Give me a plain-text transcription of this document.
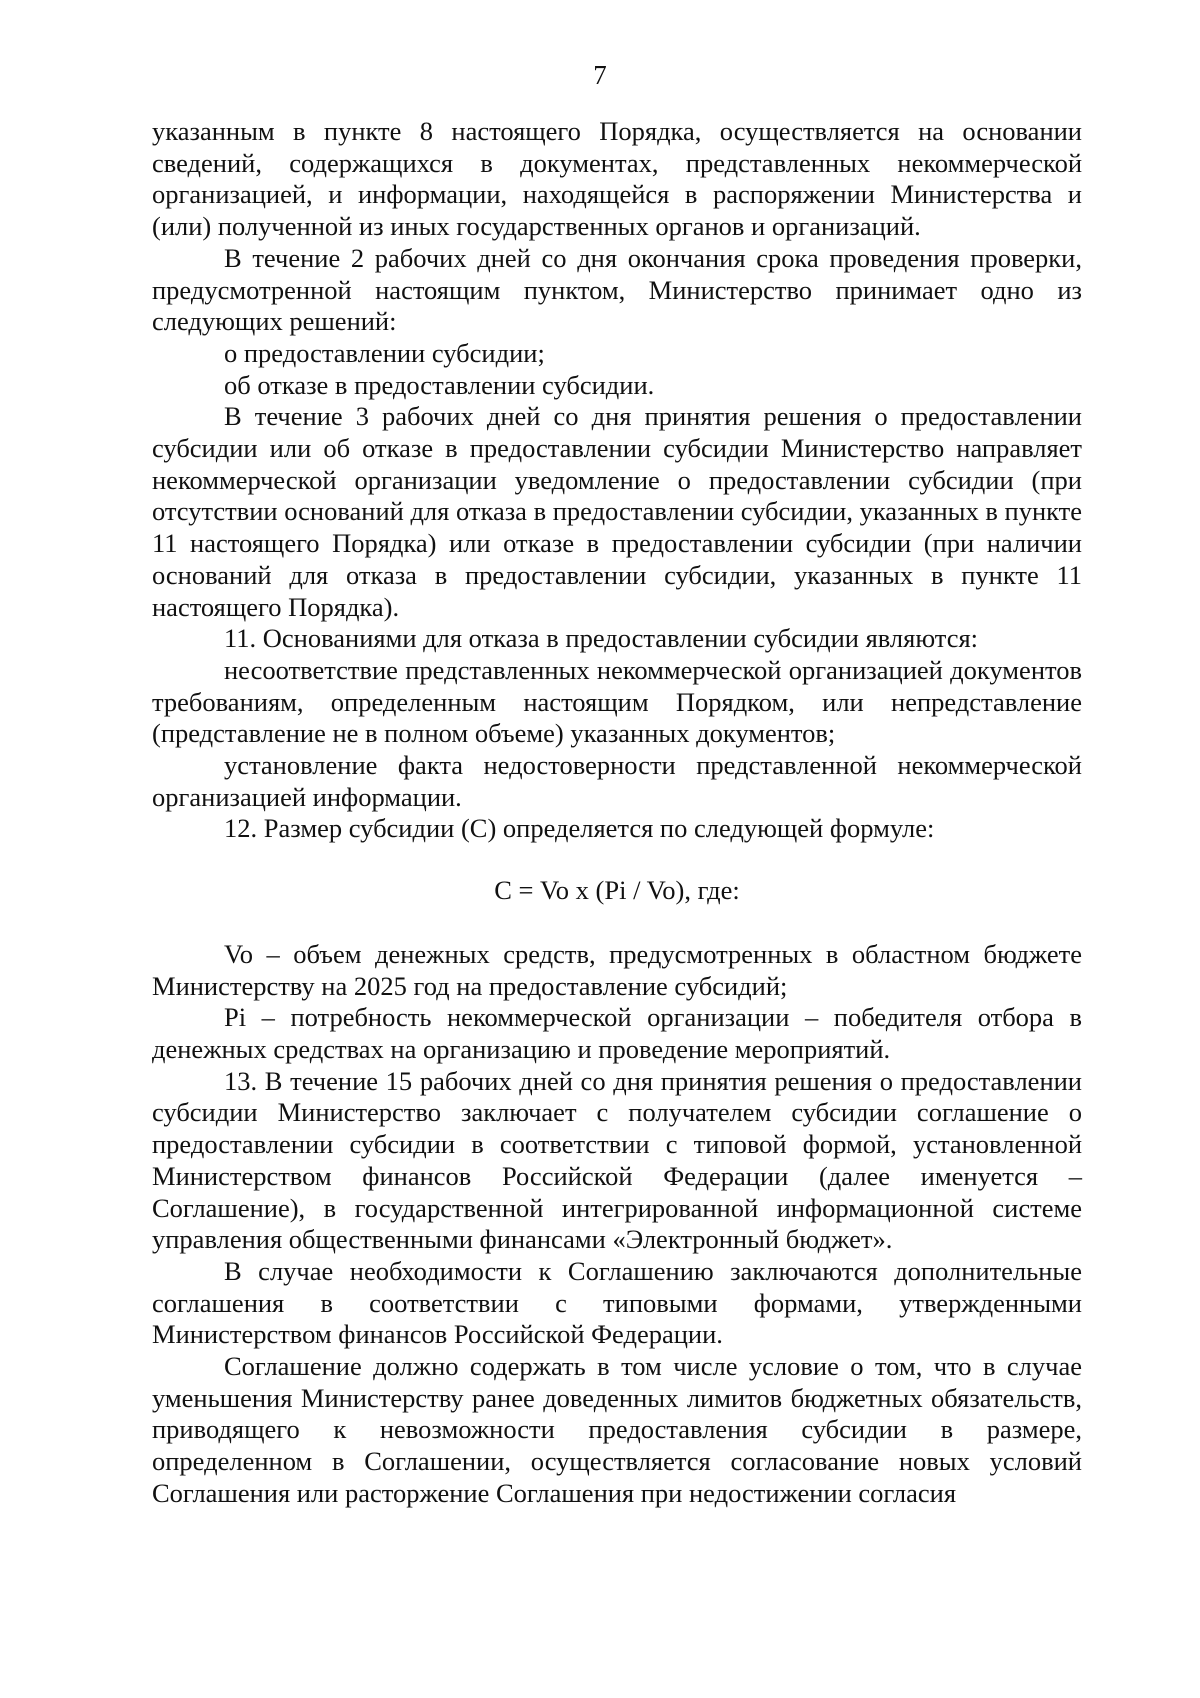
7

указанным в пункте 8 настоящего Порядка, осуществляется на основании сведений, содержащихся в документах, представленных некоммерческой организацией, и информации, находящейся в распоряжении Министерства и (или) полученной из иных государственных органов и организаций.

В течение 2 рабочих дней со дня окончания срока проведения проверки, предусмотренной настоящим пунктом, Министерство принимает одно из следующих решений:

о предоставлении субсидии;

об отказе в предоставлении субсидии.

В течение 3 рабочих дней со дня принятия решения о предоставлении субсидии или об отказе в предоставлении субсидии Министерство направляет некоммерческой организации уведомление о предоставлении субсидии (при отсутствии оснований для отказа в предоставлении субсидии, указанных в пункте 11 настоящего Порядка) или отказе в предоставлении субсидии (при наличии оснований для отказа в предоставлении субсидии, указанных в пункте 11 настоящего Порядка).

11. Основаниями для отказа в предоставлении субсидии являются:

несоответствие представленных некоммерческой организацией документов требованиям, определенным настоящим Порядком, или непредставление (представление не в полном объеме) указанных документов;

установление факта недостоверности представленной некоммерческой организацией информации.

12. Размер субсидии (С) определяется по следующей формуле:

С = Vo x (Pi / Vo), где:

Vo – объем денежных средств, предусмотренных в областном бюджете Министерству на 2025 год на предоставление субсидий;

Pi – потребность некоммерческой организации – победителя отбора в денежных средствах на организацию и проведение мероприятий.

13. В течение 15 рабочих дней со дня принятия решения о предоставлении субсидии Министерство заключает с получателем субсидии соглашение о предоставлении субсидии в соответствии с типовой формой, установленной Министерством финансов Российской Федерации (далее именуется – Соглашение), в государственной интегрированной информационной системе управления общественными финансами «Электронный бюджет».

В случае необходимости к Соглашению заключаются дополнительные соглашения в соответствии с типовыми формами, утвержденными Министерством финансов Российской Федерации.

Соглашение должно содержать в том числе условие о том, что в случае уменьшения Министерству ранее доведенных лимитов бюджетных обязательств, приводящего к невозможности предоставления субсидии в размере, определенном в Соглашении, осуществляется согласование новых условий Соглашения или расторжение Соглашения при недостижении согласия
